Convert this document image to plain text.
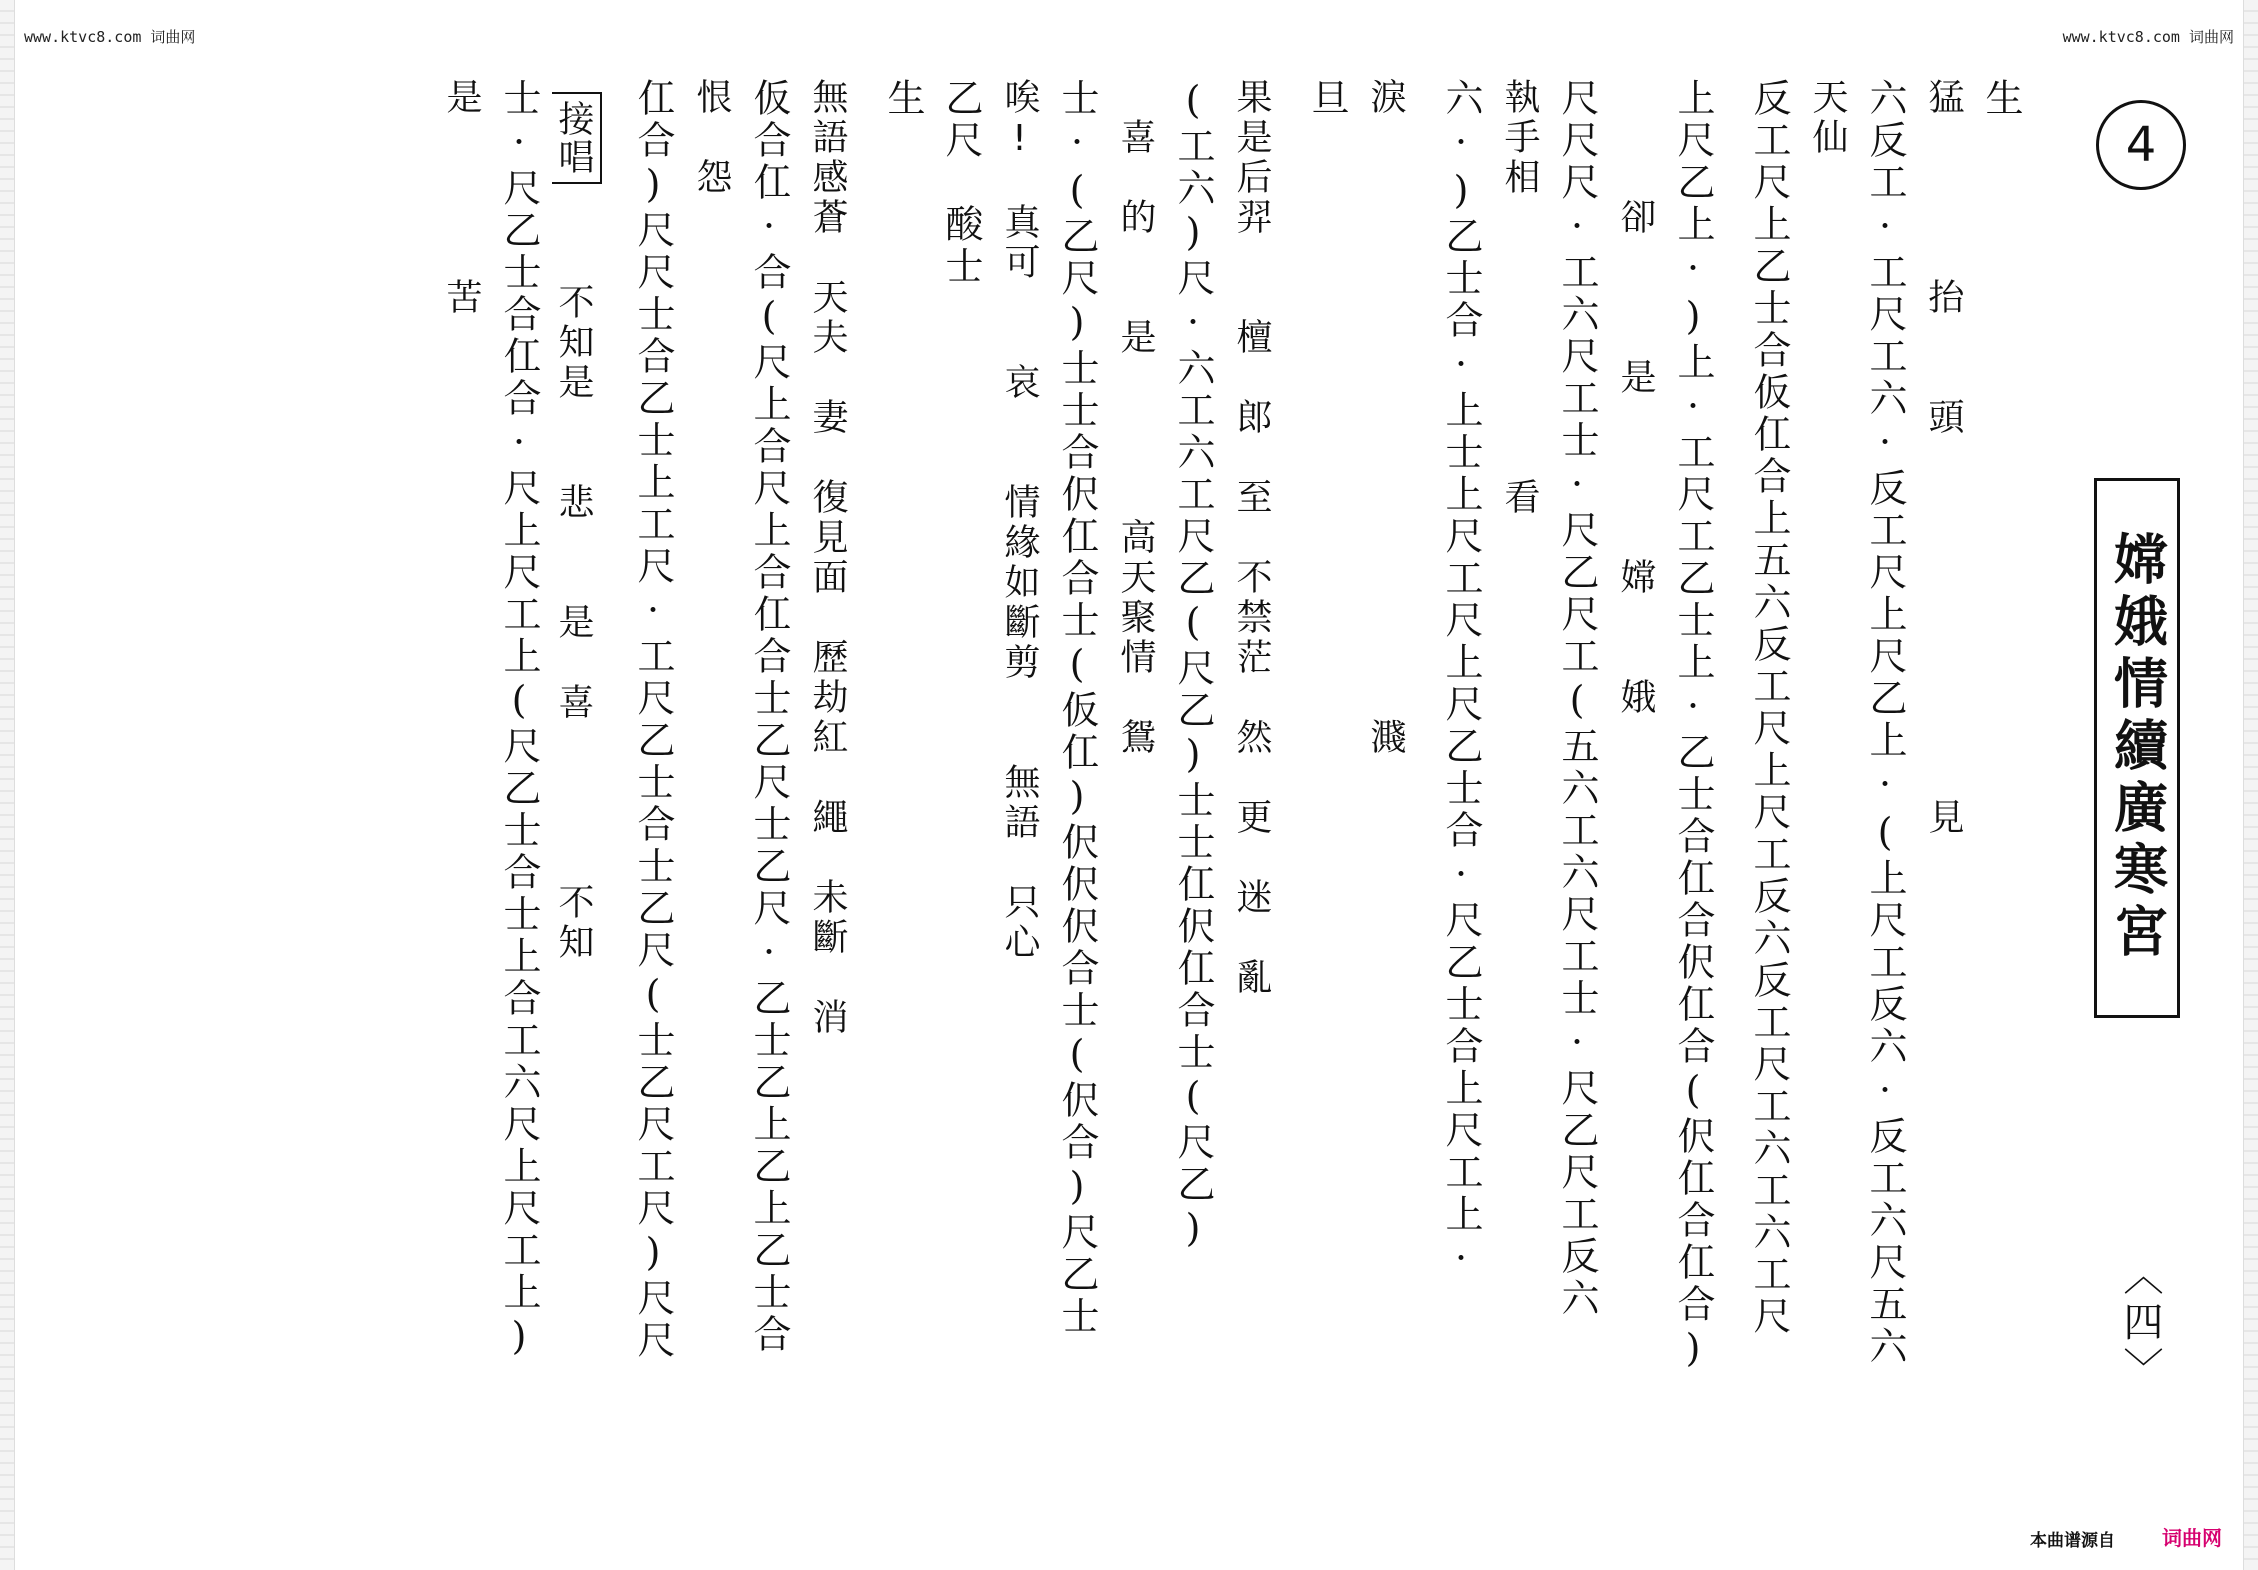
www.ktvc8.com 词曲网	www.ktvc8.com 词曲网
4
嫦娥情續廣寒宮
〈四〉
生
猛　　　　抬　　頭　　　　　　　　　見
六反工·工尺工六·反工尺上尺乙上·(上尺工反六·反工六尺五六
天仙
反工尺上乙士合仮仜合上五六反工尺上尺工反六反工尺工六工六工尺
上尺乙上·)上·工尺工乙士上·乙士合仜合伬仜合(伬仜合仜合)
　　　卻　　　是　　　　嫦　　娥
尺尺尺·工六尺工士·尺乙尺工(五六工六尺工士·尺乙尺工反六
執手相　　　　　　　看
六·)乙士合·上士上尺工尺上尺乙士合·尺乙士合上尺工上·
淚　　　　　　　　　　　　　　　濺
旦
果是后羿　　檀　郎　至　不禁茫　然　更　迷　亂
(工六)尺·六工六工尺乙(尺乙)士士仜伬仜合士(尺乙)
　喜　的　　是　　　　高天聚情　鴛
士·(乙尺)士士合伬仜合士(仮仜)伬伬伬合士(伬合)尺乙士
唉!　真可　　哀　　情緣如斷剪　　無語　只心
乙尺　酸士
生
無語感蒼　天夫　妻　復見面　歷劫紅　繩　未斷　消
仮合仜·合(尺上合尺上合仜合士乙尺士乙尺·乙士乙上乙上乙士合
恨　怨
仜合)尺尺士合乙士上工尺·工尺乙士合士乙尺(士乙尺工尺)尺尺
接唱 　不知是　　悲　　是　喜　　　　不知
士·尺乙士合仜合·尺上尺工上(尺乙士合士上合工六尺上尺工上)
是　　　　苦
本曲谱源自 词曲网
